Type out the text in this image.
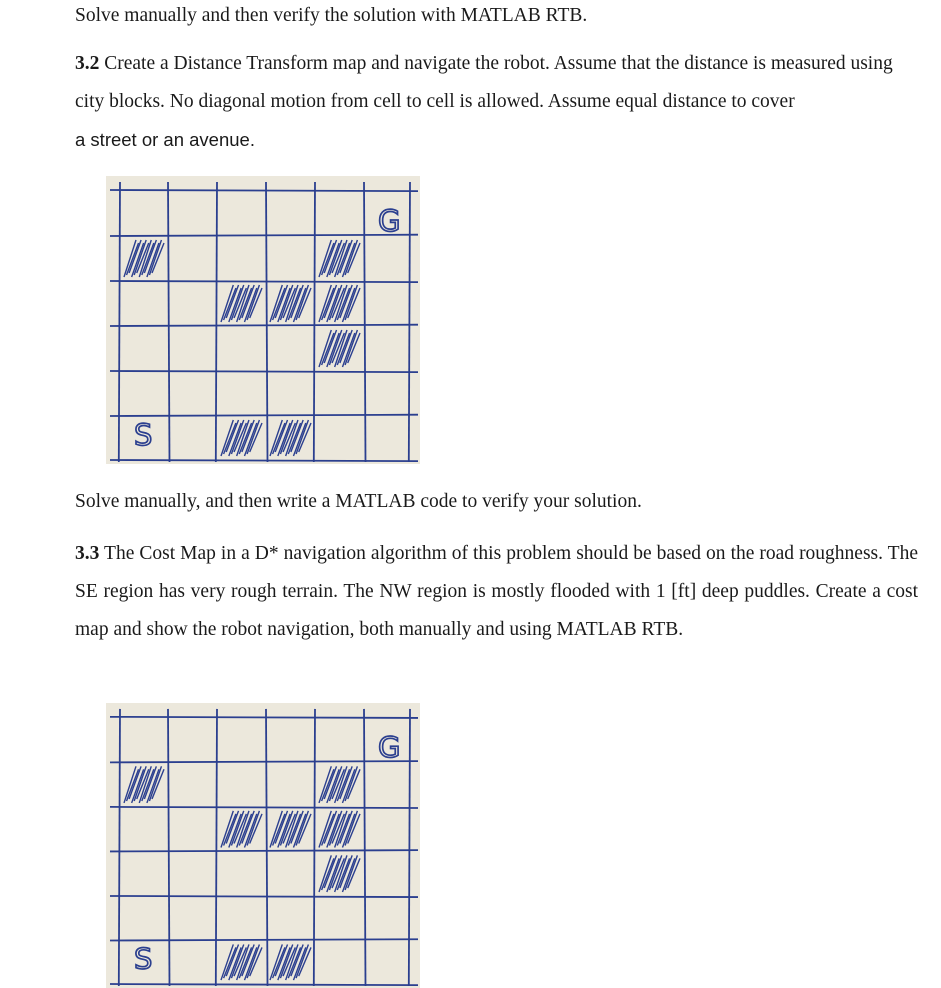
Solve manually and then verify the solution with MATLAB RTB.

3.2 Create a Distance Transform map and navigate the robot. Assume that the distance is measured using city blocks. No diagonal motion from cell to cell is allowed. Assume equal distance to cover
a street or an avenue.

G
S

Solve manually, and then write a MATLAB code to verify your solution.

3.3 The Cost Map in a D* navigation algorithm of this problem should be based on the road roughness. The SE region has very rough terrain. The NW region is mostly flooded with 1 [ft] deep puddles. Create a cost map and show the robot navigation, both manually and using MATLAB RTB.

G
S
